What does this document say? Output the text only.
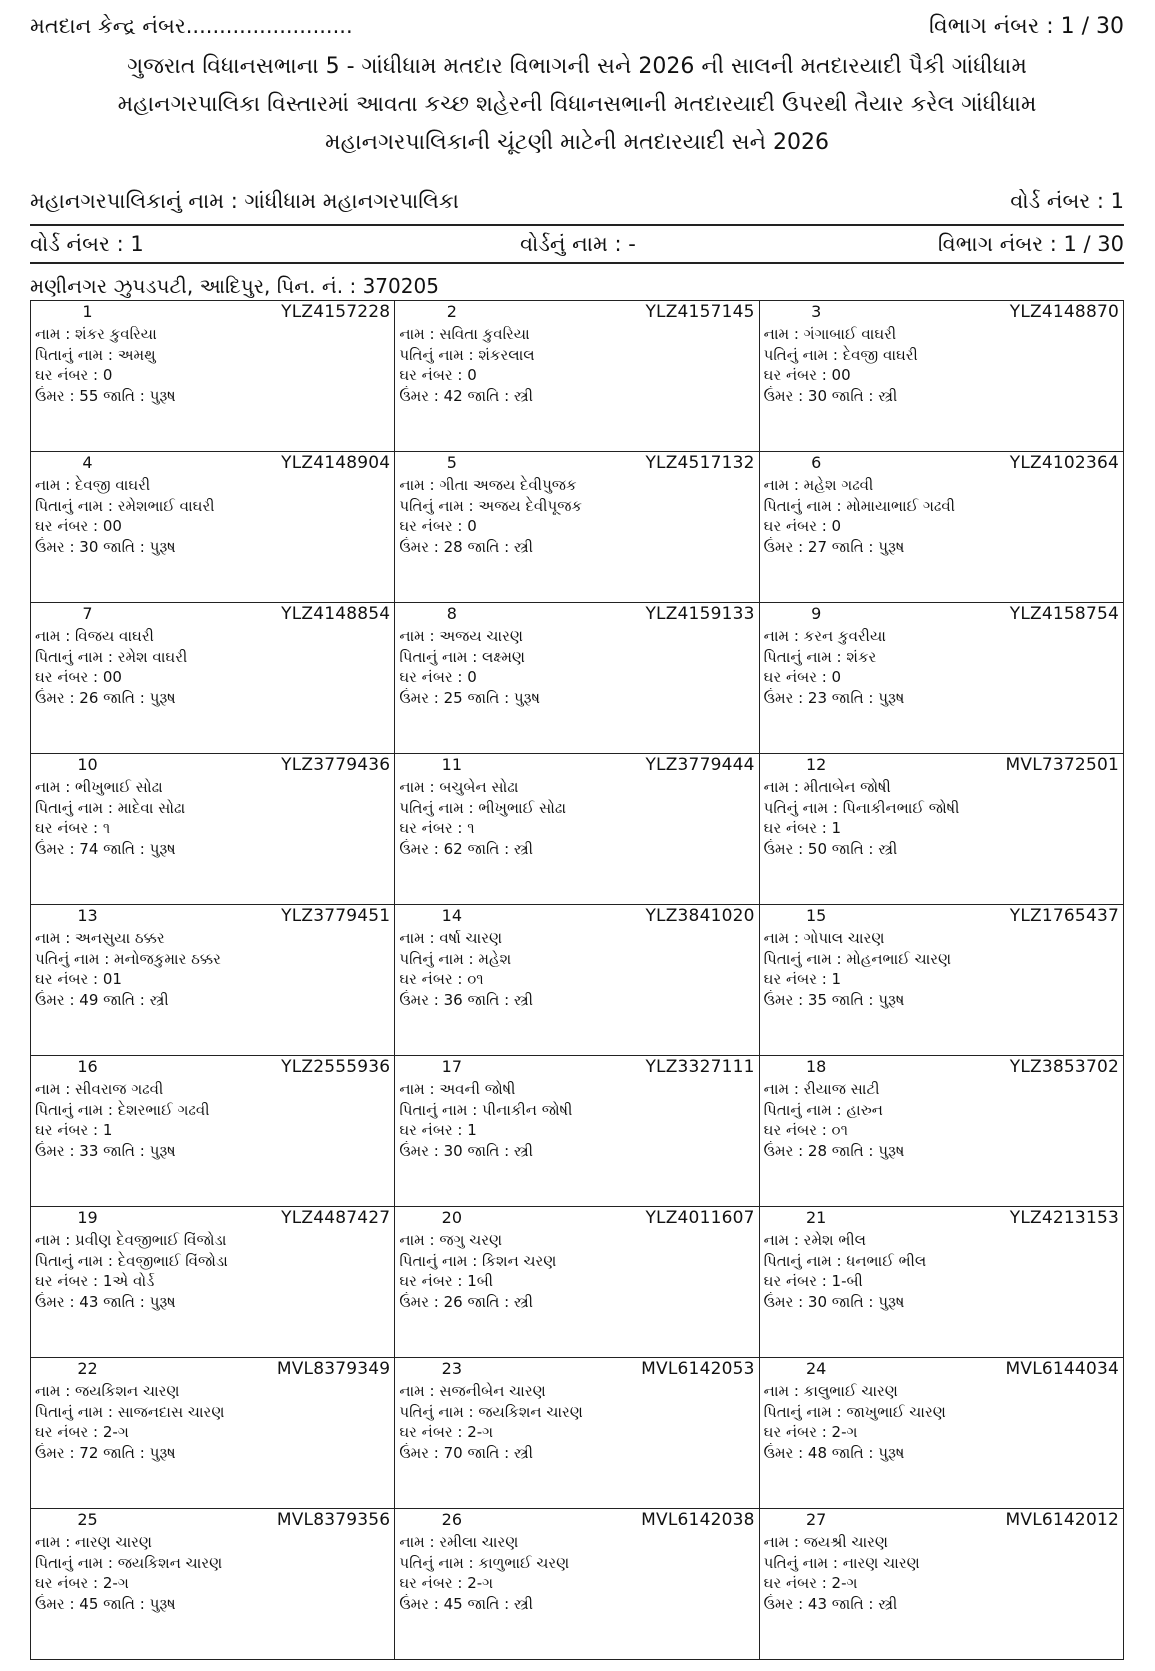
મતદાન કેન્દ્ર નંબર.........................	વિભાગ નંબર : 1 / 30
ગુજરાત વિધાનસભાના 5 - ગાંધીધામ મતદાર વિભાગની સને 2026 ની સાલની મતદારયાદી પૈકી ગાંધીધામ
મહાનગરપાલિકા વિસ્તારમાં આવતા કચ્છ શહેરની વિધાનસભાની મતદારયાદી ઉપરથી તૈયાર કરેલ ગાંધીધામ
મહાનગરપાલિકાની ચૂંટણી માટેની મતદારયાદી સને 2026
મહાનગરપાલિકાનું નામ : ગાંધીધામ મહાનગરપાલિકા	વોર્ડ નંબર : 1
વોર્ડ નંબર : 1	વોર્ડનું નામ : -	વિભાગ નંબર : 1 / 30
મણીનગર ઝુપડપટી, આદિપુર, પિન. નં. : 370205
1	YLZ4157228
નામ : શંકર કુવરિયા
પિતાનું નામ : અમથુ
ઘર નંબર : 0
ઉંમર : 55 જાતિ : પુરૂષ
2	YLZ4157145
નામ : સવિતા કુવરિયા
પતિનું નામ : શંકરલાલ
ઘર નંબર : 0
ઉંમર : 42 જાતિ : સ્ત્રી
3	YLZ4148870
નામ : ગંગાબાઈ વાઘરી
પતિનું નામ : દેવજી વાઘરી
ઘર નંબર : 00
ઉંમર : 30 જાતિ : સ્ત્રી
4	YLZ4148904
નામ : દેવજી વાઘરી
પિતાનું નામ : રમેશભાઈ વાઘરી
ઘર નંબર : 00
ઉંમર : 30 જાતિ : પુરૂષ
5	YLZ4517132
નામ : ગીતા અજય દેવીપુજક
પતિનું નામ : અજય દેવીપૂજક
ઘર નંબર : 0
ઉંમર : 28 જાતિ : સ્ત્રી
6	YLZ4102364
નામ : મહેશ ગઢવી
પિતાનું નામ : મોમાયાભાઈ ગઢવી
ઘર નંબર : 0
ઉંમર : 27 જાતિ : પુરૂષ
7	YLZ4148854
નામ : વિજય વાઘરી
પિતાનું નામ : રમેશ વાઘરી
ઘર નંબર : 00
ઉંમર : 26 જાતિ : પુરૂષ
8	YLZ4159133
નામ : અજય ચારણ
પિતાનું નામ : લક્ષ્મણ
ઘર નંબર : 0
ઉંમર : 25 જાતિ : પુરૂષ
9	YLZ4158754
નામ : કરન કુવરીયા
પિતાનું નામ : શંકર
ઘર નંબર : 0
ઉંમર : 23 જાતિ : પુરૂષ
10	YLZ3779436
નામ : ભીખુભાઈ સોઢા
પિતાનું નામ : માદેવા સોઢા
ઘર નંબર : ૧
ઉંમર : 74 જાતિ : પુરૂષ
11	YLZ3779444
નામ : બચુબેન સોઢા
પતિનું નામ : ભીખુભાઈ સોઢા
ઘર નંબર : ૧
ઉંમર : 62 જાતિ : સ્ત્રી
12	MVL7372501
નામ : મીતાબેન જોષી
પતિનું નામ : પિનાકીનભાઈ જોષી
ઘર નંબર : 1
ઉંમર : 50 જાતિ : સ્ત્રી
13	YLZ3779451
નામ : અનસુયા ઠક્કર
પતિનું નામ : મનોજકુમાર ઠક્કર
ઘર નંબર : 01
ઉંમર : 49 જાતિ : સ્ત્રી
14	YLZ3841020
નામ : વર્ષા ચારણ
પતિનું નામ : મહેશ
ઘર નંબર : ૦૧
ઉંમર : 36 જાતિ : સ્ત્રી
15	YLZ1765437
નામ : ગોપાલ ચારણ
પિતાનું નામ : મોહનભાઈ ચારણ
ઘર નંબર : 1
ઉંમર : 35 જાતિ : પુરૂષ
16	YLZ2555936
નામ : સીવરાજ ગઢવી
પિતાનું નામ : દેશરભાઈ ગઢવી
ઘર નંબર : 1
ઉંમર : 33 જાતિ : પુરૂષ
17	YLZ3327111
નામ : અવની જોષી
પિતાનું નામ : પીનાકીન જોષી
ઘર નંબર : 1
ઉંમર : 30 જાતિ : સ્ત્રી
18	YLZ3853702
નામ : રીયાજ સાટી
પિતાનું નામ : હારુન
ઘર નંબર : ૦૧
ઉંમર : 28 જાતિ : પુરૂષ
19	YLZ4487427
નામ : પ્રવીણ દેવજીભાઈ વિંજોડા
પિતાનું નામ : દેવજીભાઈ વિંજોડા
ઘર નંબર : 1એ વોર્ડ
ઉંમર : 43 જાતિ : પુરૂષ
20	YLZ4011607
નામ : જગુ ચરણ
પિતાનું નામ : કિશન ચરણ
ઘર નંબર : 1બી
ઉંમર : 26 જાતિ : સ્ત્રી
21	YLZ4213153
નામ : રમેશ ભીલ
પિતાનું નામ : ધનભાઈ ભીલ
ઘર નંબર : 1-બી
ઉંમર : 30 જાતિ : પુરૂષ
22	MVL8379349
નામ : જયકિશન ચારણ
પિતાનું નામ : સાજનદાસ ચારણ
ઘર નંબર : 2-ગ
ઉંમર : 72 જાતિ : પુરૂષ
23	MVL6142053
નામ : સજનીબેન ચારણ
પતિનું નામ : જયકિશન ચારણ
ઘર નંબર : 2-ગ
ઉંમર : 70 જાતિ : સ્ત્રી
24	MVL6144034
નામ : કાલુભાઈ ચારણ
પિતાનું નામ : જાખુભાઈ ચારણ
ઘર નંબર : 2-ગ
ઉંમર : 48 જાતિ : પુરૂષ
25	MVL8379356
નામ : નારણ ચારણ
પિતાનું નામ : જયકિશન ચારણ
ઘર નંબર : 2-ગ
ઉંમર : 45 જાતિ : પુરૂષ
26	MVL6142038
નામ : રમીલા ચારણ
પતિનું નામ : કાળુભાઈ ચરણ
ઘર નંબર : 2-ગ
ઉંમર : 45 જાતિ : સ્ત્રી
27	MVL6142012
નામ : જયશ્રી ચારણ
પતિનું નામ : નારણ ચારણ
ઘર નંબર : 2-ગ
ઉંમર : 43 જાતિ : સ્ત્રી
